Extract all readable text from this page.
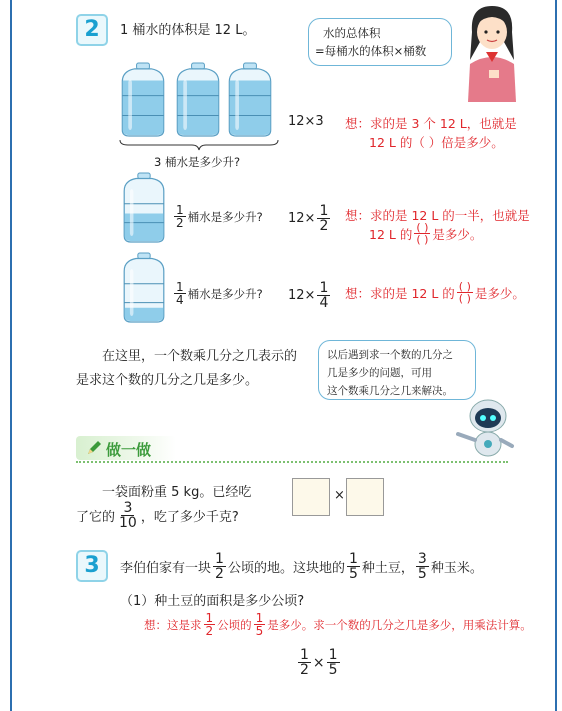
2	1 桶水的体积是 12 L。	水的总体积
=每桶水的体积×桶数
3 桶水是多少升?
12×3 想：求的是 3 个 12 L，也就是
12 L 的（ ）倍是多少。
$\frac{1}{2}$ 桶水是多少升? $12\times \frac{1}{2}$ 想：求的是 12 L 的一半，也就是
12 L 的 $\frac{( )}{( )}$ 是多少。
$\frac{1}{4}$ 桶水是多少升? $12\times \frac{1}{4}$ 想：求的是 12 L 的 $\frac{( )}{( )}$ 是多少。
在这里，一个数乘几分之几表示的
是求这个数的几分之几是多少。
以后遇到求一个数的几分之
几是多少的问题，可用
这个数乘几分之几来解决。
做一做
一袋面粉重 5 kg。已经吃
了它的 $\frac{3}{10}$ ，吃了多少千克?
×
3	李伯伯家有一块 $\frac{1}{2}$ 公顷的地。这块地的 $\frac{1}{5}$ 种土豆， $\frac{3}{5}$ 种玉米。
（1）种土豆的面积是多少公顷?
想：这是求 $\frac{1}{2}$ 公顷的 $\frac{1}{5}$ 是多少。求一个数的几分之几是多少，用乘法计算。
$\frac{1}{2} \times \frac{1}{5}$
